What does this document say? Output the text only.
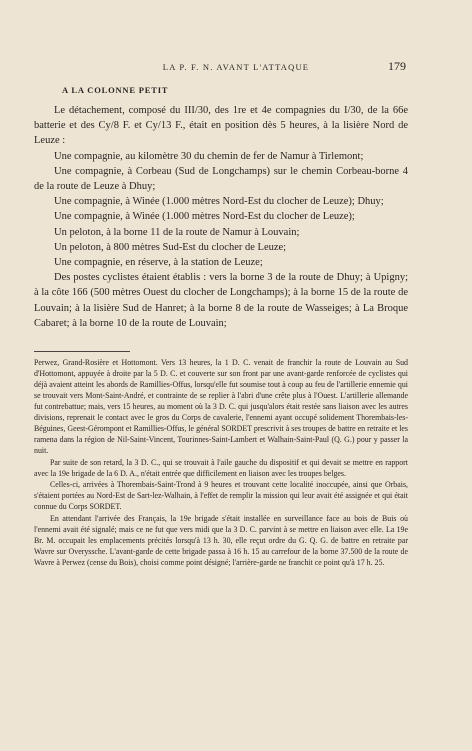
LA P. F. N. AVANT L'ATTAQUE	179
A LA COLONNE PETIT

Le détachement, composé du III/30, des 1re et 4e compagnies du I/30, de la 66e batterie et des Cy/8 F. et Cy/13 F., était en position dès 5 heures, à la lisière Nord de Leuze :

Une compagnie, au kilomètre 30 du chemin de fer de Namur à Tirlemont;

Une compagnie, à Corbeau (Sud de Longchamps) sur le chemin Corbeau-borne 4 de la route de Leuze à Dhuy;

Une compagnie, à Winée (1.000 mètres Nord-Est du clocher de Leuze); Dhuy;

Une compagnie, à Winée (1.000 mètres Nord-Est du clocher de Leuze);

Un peloton, à la borne 11 de la route de Namur à Louvain;

Un peloton, à 800 mètres Sud-Est du clocher de Leuze;

Une compagnie, en réserve, à la station de Leuze;

Des postes cyclistes étaient établis : vers la borne 3 de la route de Dhuy; à Upigny; à la côte 166 (500 mètres Ouest du clocher de Longchamps); à la borne 15 de la route de Louvain; à la lisière Sud de Hanret; à la borne 8 de la route de Wasseiges; à La Broque Cabaret; à la borne 10 de la route de Louvain;

Perwez, Grand-Rosière et Hottomont. Vers 13 heures, la 1 D. C. venait de franchir la route de Louvain au Sud d'Hottomont, appuyée à droite par la 5 D. C. et couverte sur son front par une avant-garde renforcée de cyclistes qui déjà avaient atteint les abords de Ramillies-Offus, lorsqu'elle fut soumise tout à coup au feu de l'artillerie ennemie qui se trouvait vers Mont-Saint-André, et contrainte de se replier à l'abri d'une crête plus à l'Ouest. L'artillerie allemande fut contrebattue; mais, vers 15 heures, au moment où la 3 D. C. qui jusqu'alors était restée sans liaison avec les autres divisions, reprenait le contact avec le gros du Corps de cavalerie, l'ennemi ayant occupé solidement Thorembais-les-Béguines, Geest-Gérompont et Ramillies-Offus, le général SORDET prescrivit à ses troupes de battre en retraite et les ramena dans la région de Nil-Saint-Vincent, Tourinnes-Saint-Lambert et Walhain-Saint-Paul (Q. G.) pour y passer la nuit.

Par suite de son retard, la 3 D. C., qui se trouvait à l'aile gauche du dispositif et qui devait se mettre en rapport avec la 19e brigade de la 6 D. A., n'était entrée que difficilement en liaison avec les troupes belges.

Celles-ci, arrivées à Thorembais-Saint-Trond à 9 heures et trouvant cette localité inoccupée, ainsi que Orbais, s'étaient portées au Nord-Est de Sart-lez-Walhain, à l'effet de remplir la mission qui leur avait été assignée et qui était connue du Corps SORDET.

En attendant l'arrivée des Français, la 19e brigade s'était installée en surveillance face au bois de Buis où l'ennemi avait été signalé; mais ce ne fut que vers midi que la 3 D. C. parvint à se mettre en liaison avec elle. La 19e Br. M. occupait les emplacements précités lorsqu'à 13 h. 30, elle reçut ordre du G. Q. G. de battre en retraite par Wavre sur Overyssche. L'avant-garde de cette brigade passa à 16 h. 15 au carrefour de la borne 37.500 de la route de Wavre à Perwez (cense du Bois), choisi comme point désigné; l'arrière-garde ne franchit ce point qu'à 17 h. 25.
